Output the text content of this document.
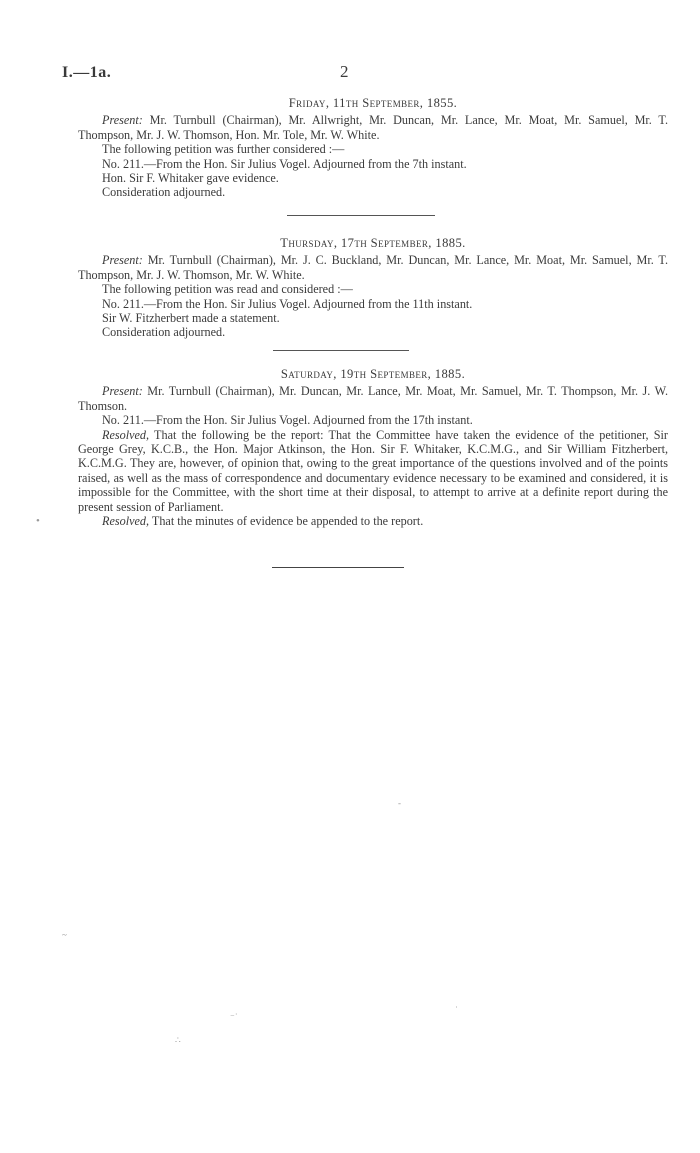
I.—1a.	2
Friday, 11th September, 1855.

Present: Mr. Turnbull (Chairman), Mr. Allwright, Mr. Duncan, Mr. Lance, Mr. Moat, Mr. Samuel, Mr. T. Thompson, Mr. J. W. Thomson, Hon. Mr. Tole, Mr. W. White.

The following petition was further considered :—

No. 211.—From the Hon. Sir Julius Vogel. Adjourned from the 7th instant.

Hon. Sir F. Whitaker gave evidence.

Consideration adjourned.

Thursday, 17th September, 1885.

Present: Mr. Turnbull (Chairman), Mr. J. C. Buckland, Mr. Duncan, Mr. Lance, Mr. Moat, Mr. Samuel, Mr. T. Thompson, Mr. J. W. Thomson, Mr. W. White.

The following petition was read and considered :—

No. 211.—From the Hon. Sir Julius Vogel. Adjourned from the 11th instant.

Sir W. Fitzherbert made a statement.

Consideration adjourned.

Saturday, 19th September, 1885.

Present: Mr. Turnbull (Chairman), Mr. Duncan, Mr. Lance, Mr. Moat, Mr. Samuel, Mr. T. Thompson, Mr. J. W. Thomson.

No. 211.—From the Hon. Sir Julius Vogel. Adjourned from the 17th instant.

Resolved, That the following be the report: That the Committee have taken the evidence of the petitioner, Sir George Grey, K.C.B., the Hon. Major Atkinson, the Hon. Sir F. Whitaker, K.C.M.G., and Sir William Fitzherbert, K.C.M.G. They are, however, of opinion that, owing to the great importance of the questions involved and of the points raised, as well as the mass of correspondence and documentary evidence necessary to be examined and considered, it is impossible for the Committee, with the short time at their disposal, to attempt to arrive at a definite report during the present session of Parliament.

Resolved, That the minutes of evidence be appended to the report.

•
-
~
⁻˙
∴
˙
